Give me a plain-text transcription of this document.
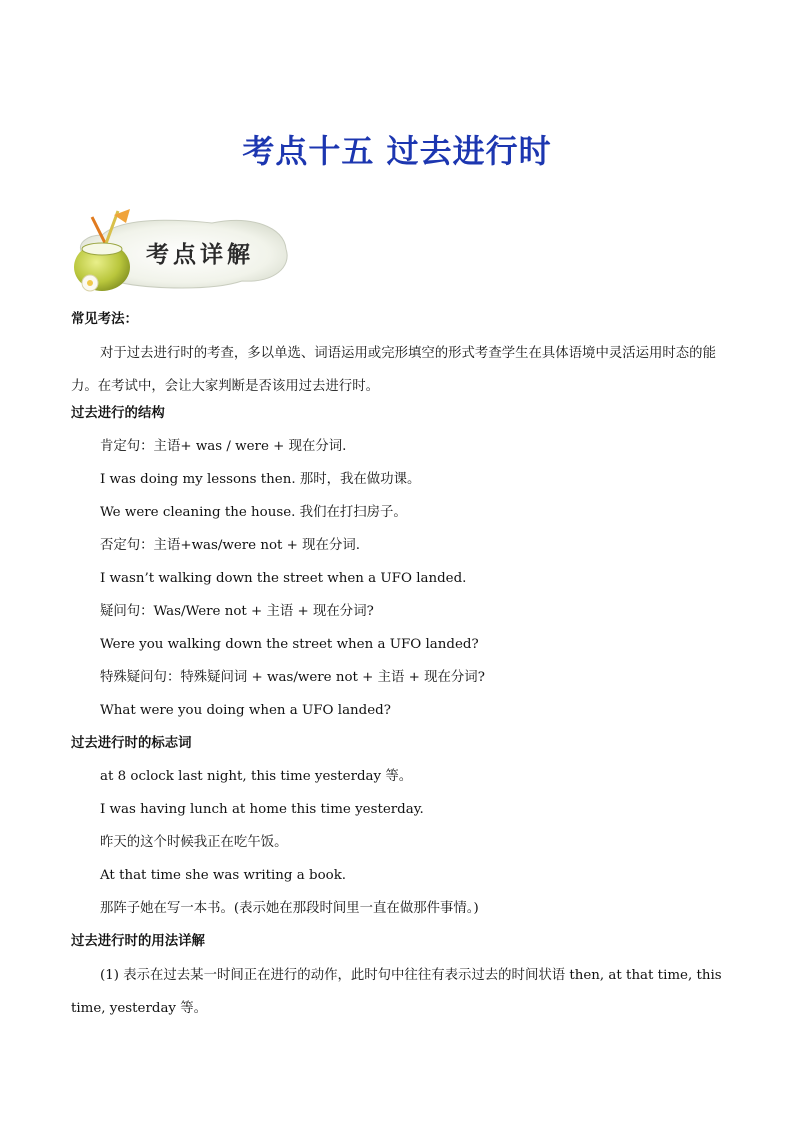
考点十五 过去进行时
考点详解
常见考法：
对于过去进行时的考查，多以单选、词语运用或完形填空的形式考查学生在具体语境中灵活运用时态的能力。在考试中，会让大家判断是否该用过去进行时。
过去进行的结构
肯定句：主语+ was / were + 现在分词.
I was doing my lessons then. 那时，我在做功课。
We were cleaning the house. 我们在打扫房子。
否定句：主语+was/were not + 现在分词.
I wasn’t walking down the street when a UFO landed.
疑问句：Was/Were not + 主语 + 现在分词?
Were you walking down the street when a UFO landed?
特殊疑问句：特殊疑问词 + was/were not + 主语 + 现在分词?
What were you doing when a UFO landed?
过去进行时的标志词
at 8 oclock last night, this time yesterday 等。
I was having lunch at home this time yesterday.
昨天的这个时候我正在吃午饭。
At that time she was writing a book.
那阵子她在写一本书。(表示她在那段时间里一直在做那件事情。)
过去进行时的用法详解
(1) 表示在过去某一时间正在进行的动作，此时句中往往有表示过去的时间状语 then, at that time, this time, yesterday 等。
